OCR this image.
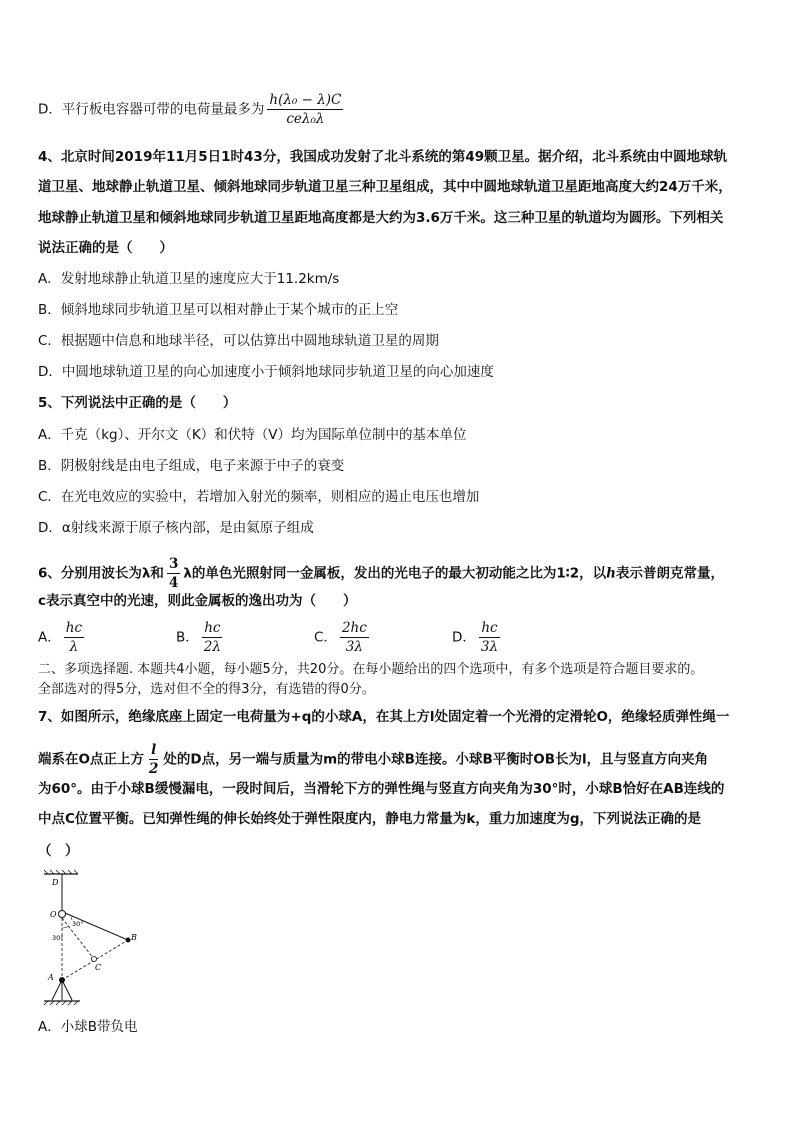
D．平行板电容器可带的电荷量最多为 $\frac{\text{h(λ₀ − λ)C}}{\text{ceλ₀λ}}$
4、北京时间2019年11月5日1时43分，我国成功发射了北斗系统的第49颗卫星。据介绍，北斗系统由中圆地球轨
道卫星、地球静止轨道卫星、倾斜地球同步轨道卫星三种卫星组成，其中中圆地球轨道卫星距地高度大约24万千米，
地球静止轨道卫星和倾斜地球同步轨道卫星距地高度都是大约为3.6万千米。这三种卫星的轨道均为圆形。下列相关
说法正确的是（　　）
A．发射地球静止轨道卫星的速度应大于11.2km/s
B．倾斜地球同步轨道卫星可以相对静止于某个城市的正上空
C．根据题中信息和地球半径，可以估算出中圆地球轨道卫星的周期
D．中圆地球轨道卫星的向心加速度小于倾斜地球同步轨道卫星的向心加速度
5、下列说法中正确的是（　　）
A．千克（kg）、开尔文（K）和伏特（V）均为国际单位制中的基本单位
B．阴极射线是由电子组成，电子来源于中子的衰变
C．在光电效应的实验中，若增加入射光的频率，则相应的遏止电压也增加
D．α射线来源于原子核内部，是由氦原子组成
6、分别用波长为λ和 $\frac{3}{4}$ λ的单色光照射同一金属板，发出的光电子的最大初动能之比为1∶2，以h表示普朗克常量，
c表示真空中的光速，则此金属板的逸出功为（　　）
A． $\frac{hc}{\lambda}$	B． $\frac{hc}{2\lambda}$	C． $\frac{2hc}{3\lambda}$	D． $\frac{hc}{3\lambda}$
二、多项选择题. 本题共4小题，每小题5分，共20分。在每小题给出的四个选项中，有多个选项是符合题目要求的。
全部选对的得5分，选对但不全的得3分，有选错的得0分。
7、如图所示，绝缘底座上固定一电荷量为+q的小球A，在其上方l处固定着一个光滑的定滑轮O，绝缘轻质弹性绳一
端系在O点正上方 $\frac{l}{2}$ 处的D点，另一端与质量为m的带电小球B连接。小球B平衡时OB长为l，且与竖直方向夹角
为60°。由于小球B缓慢漏电，一段时间后，当滑轮下方的弹性绳与竖直方向夹角为30°时，小球B恰好在AB连线的
中点C位置平衡。已知弹性绳的伸长始终处于弹性限度内，静电力常量为k，重力加速度为g，下列说法正确的是
（　）
D
O
B
C
A
30°
30°
A．小球B带负电
